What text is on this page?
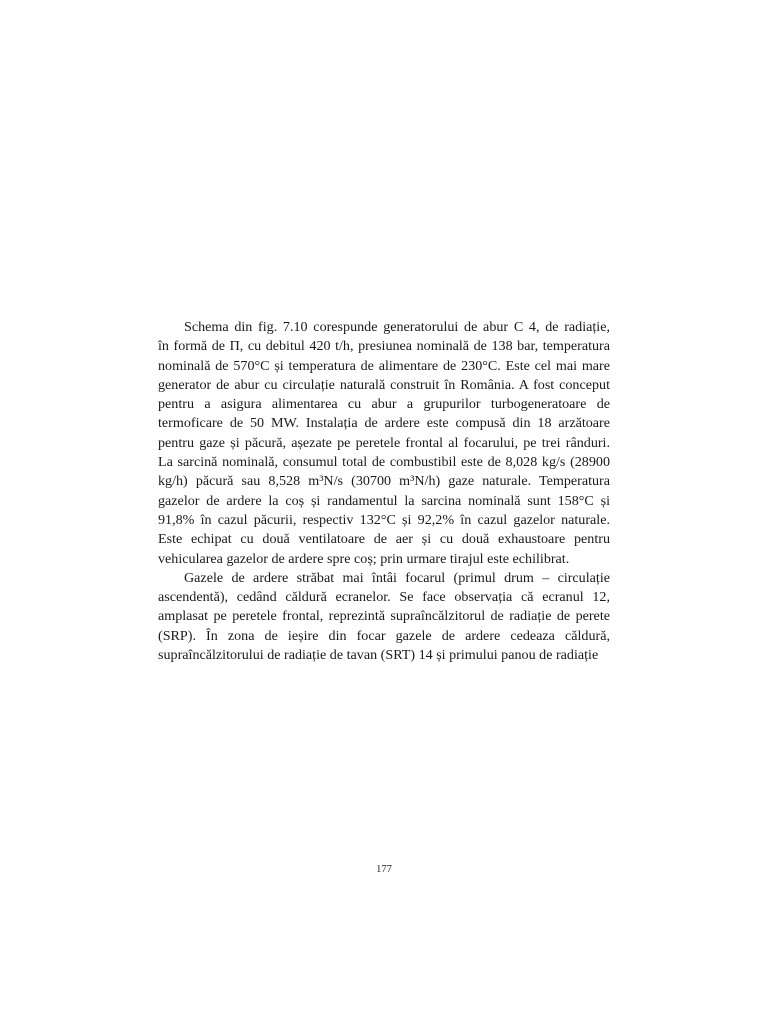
Schema din fig. 7.10 corespunde generatorului de abur C 4, de radiație,
în formă de Π, cu debitul 420 t/h, presiunea nominală de 138 bar, temperatura
nominală de 570°C și temperatura de alimentare de 230°C. Este cel mai mare
generator de abur cu circulație naturală construit în România. A fost conceput
pentru a asigura alimentarea cu abur a grupurilor turbogeneratoare de
termoficare de 50 MW. Instalația de ardere este compusă din 18 arzătoare
pentru gaze și păcură, așezate pe peretele frontal al focarului, pe trei rânduri.
La sarcină nominală, consumul total de combustibil este de 8,028 kg/s (28900
kg/h) păcură sau 8,528 m³N/s (30700 m³N/h) gaze naturale. Temperatura
gazelor de ardere la coș și randamentul la sarcina nominală sunt 158°C și
91,8% în cazul păcurii, respectiv 132°C și 92,2% în cazul gazelor naturale.
Este echipat cu două ventilatoare de aer și cu două exhaustoare pentru
vehicularea gazelor de ardere spre coș; prin urmare tirajul este echilibrat.
Gazele de ardere străbat mai întâi focarul (primul drum – circulație
ascendentă), cedând căldură ecranelor. Se face observația că ecranul 12,
amplasat pe peretele frontal, reprezintă supraîncălzitorul de radiație de perete
(SRP). În zona de ieșire din focar gazele de ardere cedeaza căldură,
supraîncălzitorului de radiație de tavan (SRT) 14 și primului panou de radiație
177
